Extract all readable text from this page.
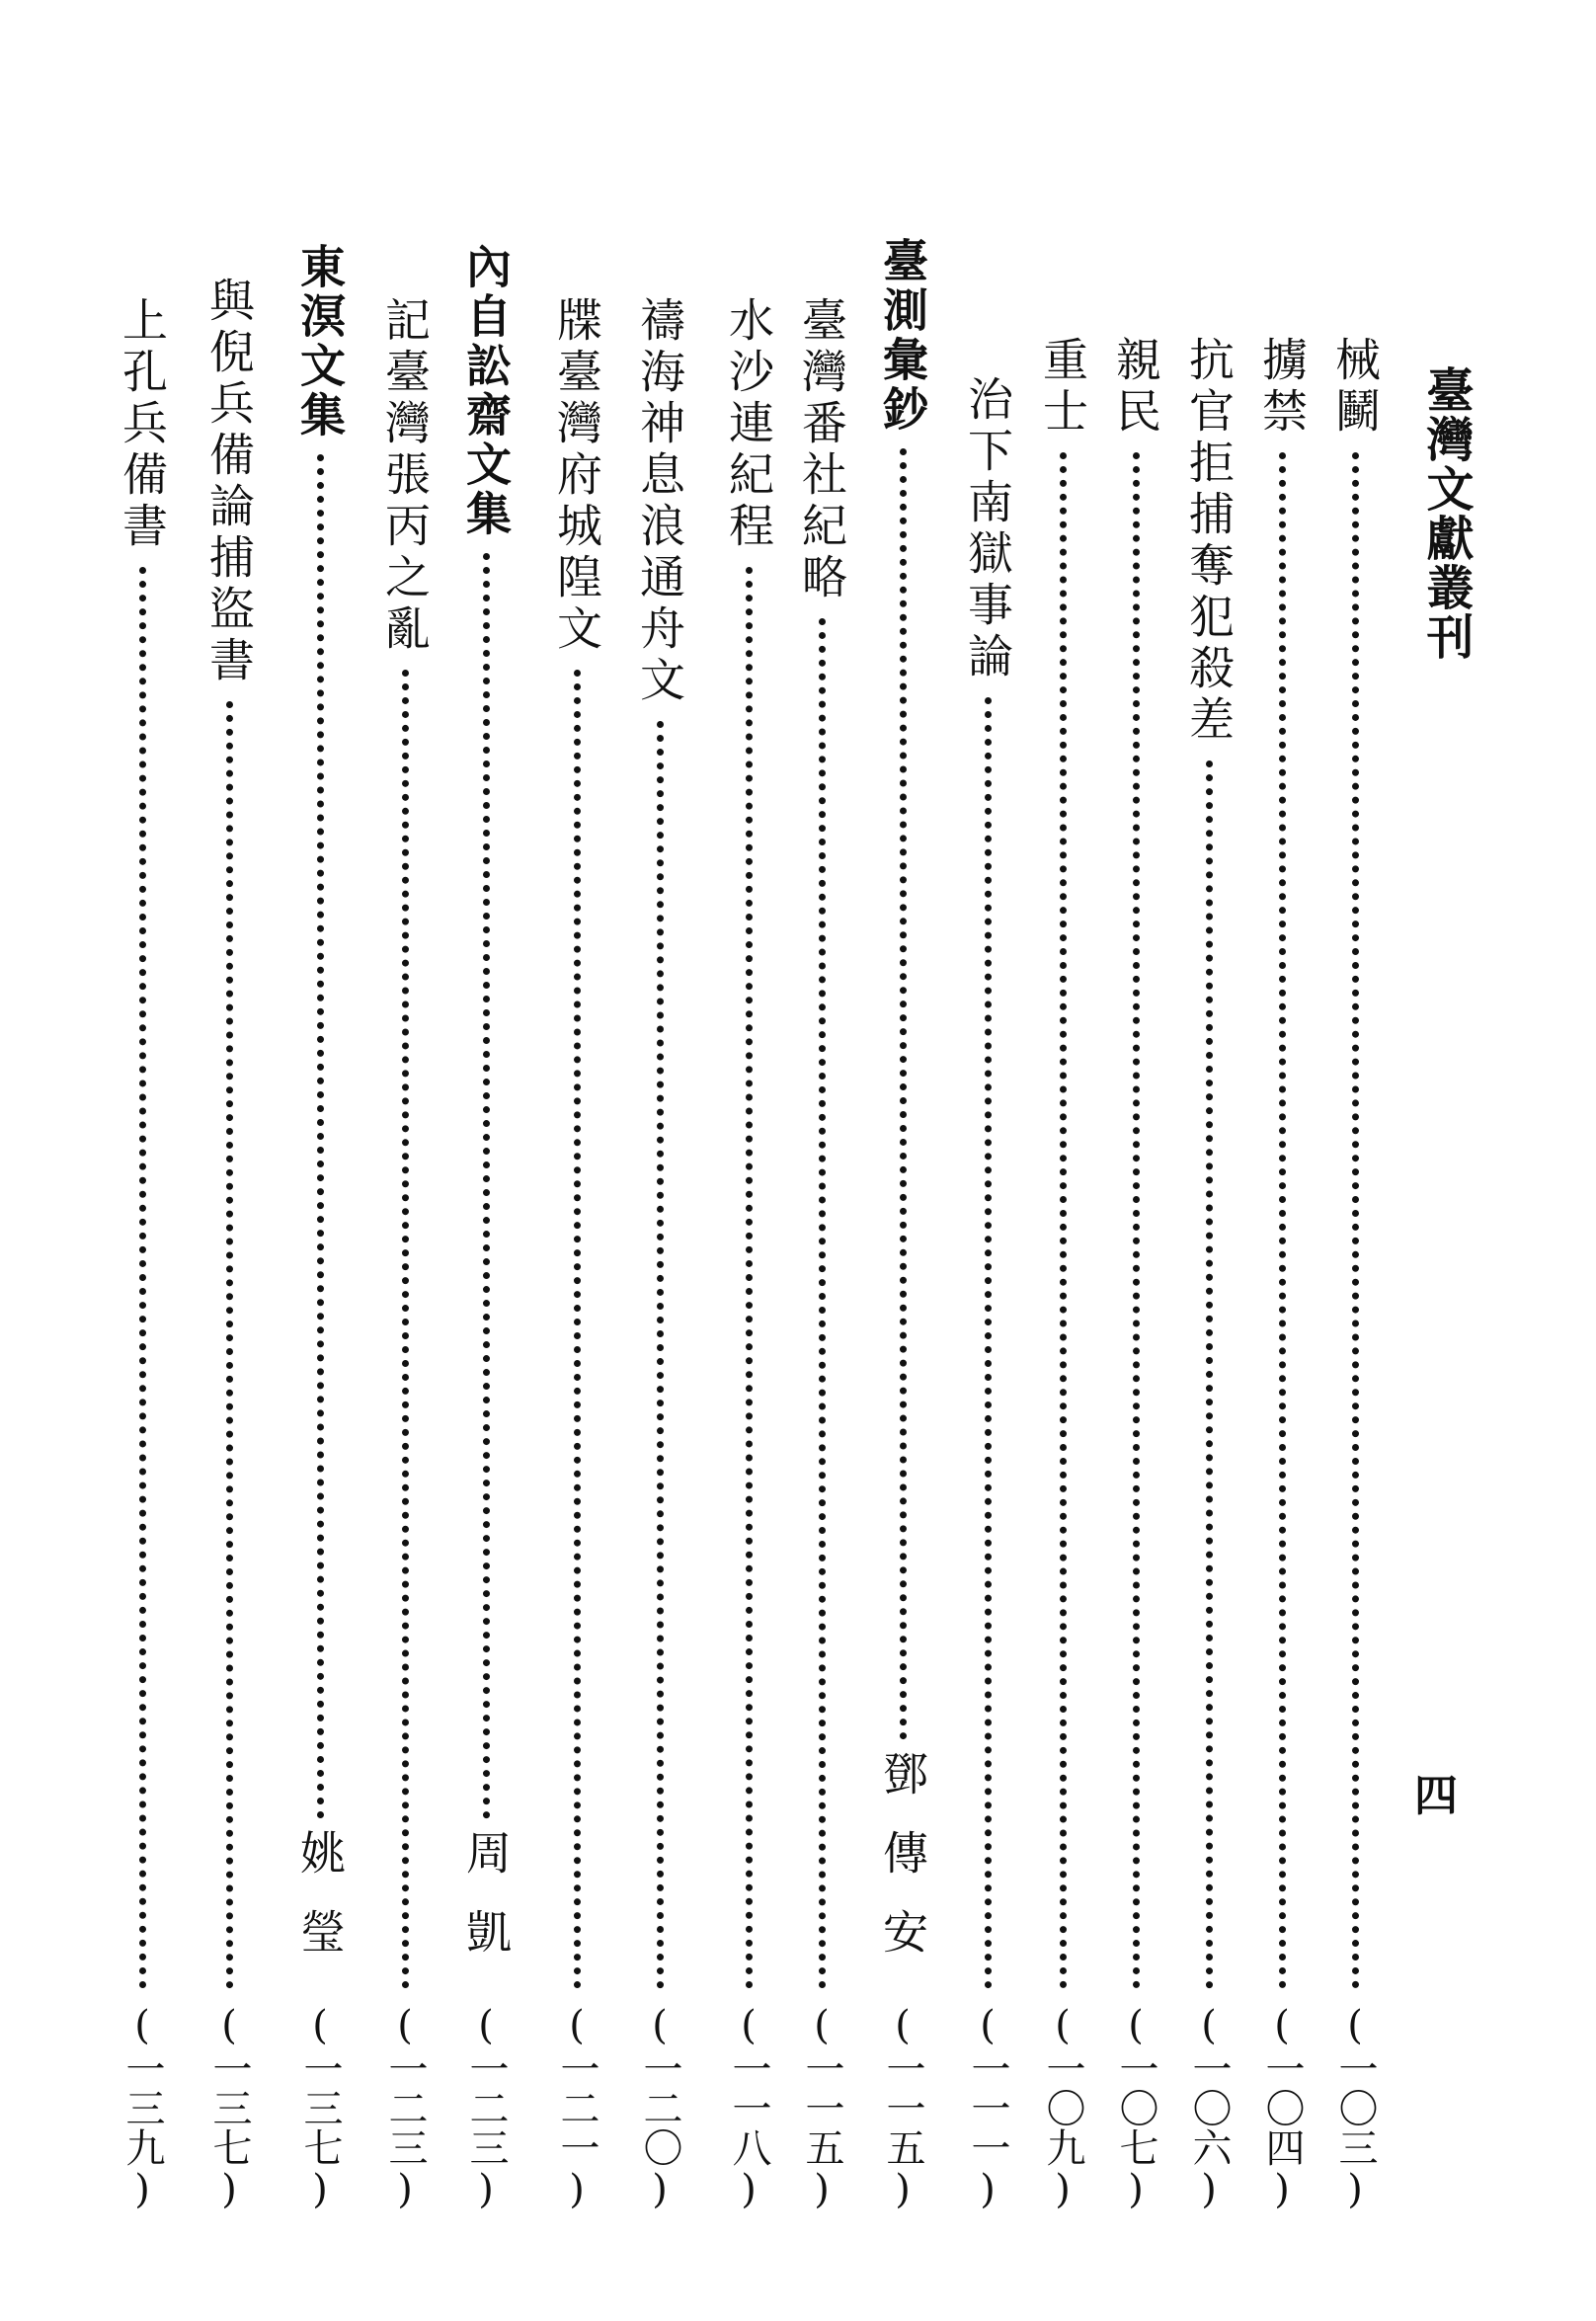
臺灣文獻叢刊
四
械鬭
(一〇三)
擄禁
(一〇四)
抗官拒捕奪犯殺差
(一〇六)
親民
(一〇七)
重士
(一〇九)
治下南獄事論
(一一一)
臺測彙鈔
鄧傳安
(一一五)
臺灣番社紀略
(一一五)
水沙連紀程
(一一八)
禱海神息浪通舟文
(一二〇)
牒臺灣府城隍文
(一二一)
內自訟齋文集
周凱
(一二三)
記臺灣張丙之亂
(一二三)
東溟文集
姚瑩
(一三七)
與倪兵備論捕盜書
(一三七)
上孔兵備書
(一三九)
